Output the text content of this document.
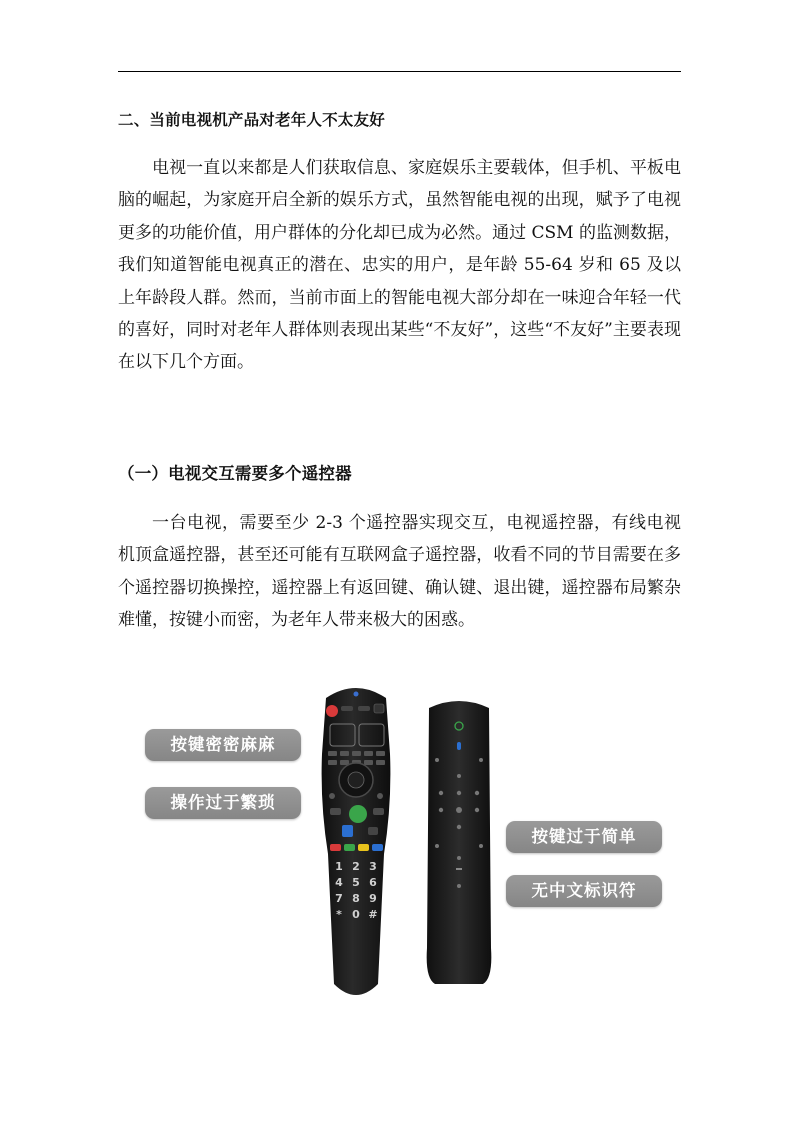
二、当前电视机产品对老年人不太友好

电视一直以来都是人们获取信息、家庭娱乐主要载体，但手机、平板电脑的崛起，为家庭开启全新的娱乐方式，虽然智能电视的出现，赋予了电视更多的功能价值，用户群体的分化却已成为必然。通过 CSM 的监测数据，我们知道智能电视真正的潜在、忠实的用户，是年龄 55-64 岁和 65 及以上年龄段人群。然而，当前市面上的智能电视大部分却在一味迎合年轻一代的喜好，同时对老年人群体则表现出某些“不友好”，这些“不友好”主要表现在以下几个方面。

（一）电视交互需要多个遥控器

一台电视，需要至少 2-3 个遥控器实现交互，电视遥控器，有线电视机顶盒遥控器，甚至还可能有互联网盒子遥控器，收看不同的节目需要在多个遥控器切换操控，遥控器上有返回键、确认键、退出键，遥控器布局繁杂难懂，按键小而密，为老年人带来极大的困惑。

按键密密麻麻
操作过于繁琐
按键过于简单
无中文标识符
1 2 3
4 5 6
7 8 9
* 0 #
